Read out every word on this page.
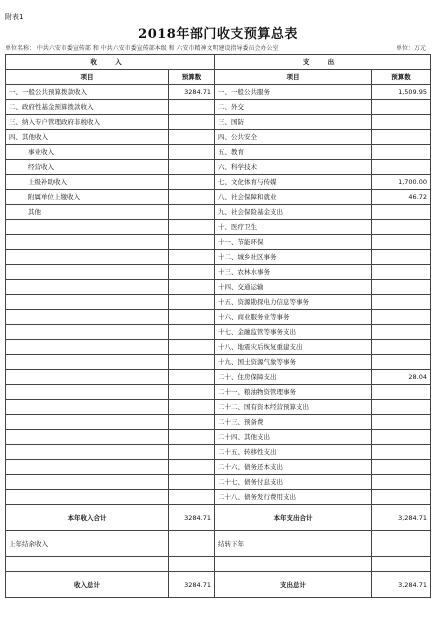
附表1
2018年部门收支预算总表
单位名称： 中共六安市委宣传部 和 中共六安市委宣传部本级 和 六安市精神文明建设指导委员会办公室	单位：万元
收 入		支 出	
项目	预算数	项目	预算数
一、一般公共预算拨款收入	3284.71	一、一般公共服务	1,509.95
二、政府性基金预算拨款收入		二、外交	
三、纳入专户管理政府非税收入		三、国防	
四、其他收入		四、公共安全	
事业收入		五、教育	
经营收入		六、科学技术	
上级补助收入		七、文化体育与传媒	1,700.00
附属单位上缴收入		八、社会保障和就业	46.72
其他		九、社会保险基金支出	
		十、医疗卫生	
		十一、节能环保	
		十二、城乡社区事务	
		十三、农林水事务	
		十四、交通运输	
		十五、资源勘探电力信息等事务	
		十六、商业服务业等事务	
		十七、金融监管等事务支出	
		十八、地震灾后恢复重建支出	
		十九、国土资源气象等事务	
		二十、住房保障支出	28.04
		二十一、粮油物资管理事务	
		二十二、国有资本经营预算支出	
		二十三、预备费	
		二十四、其他支出	
		二十五、转移性支出	
		二十六、债务还本支出	
		二十七、债务付息支出	
		二十八、债务发行费用支出	
本年收入合计	3284.71	本年支出合计	3,284.71
上年结余收入		结转下年	

收入总计	3284.71	支出总计	3,284.71
